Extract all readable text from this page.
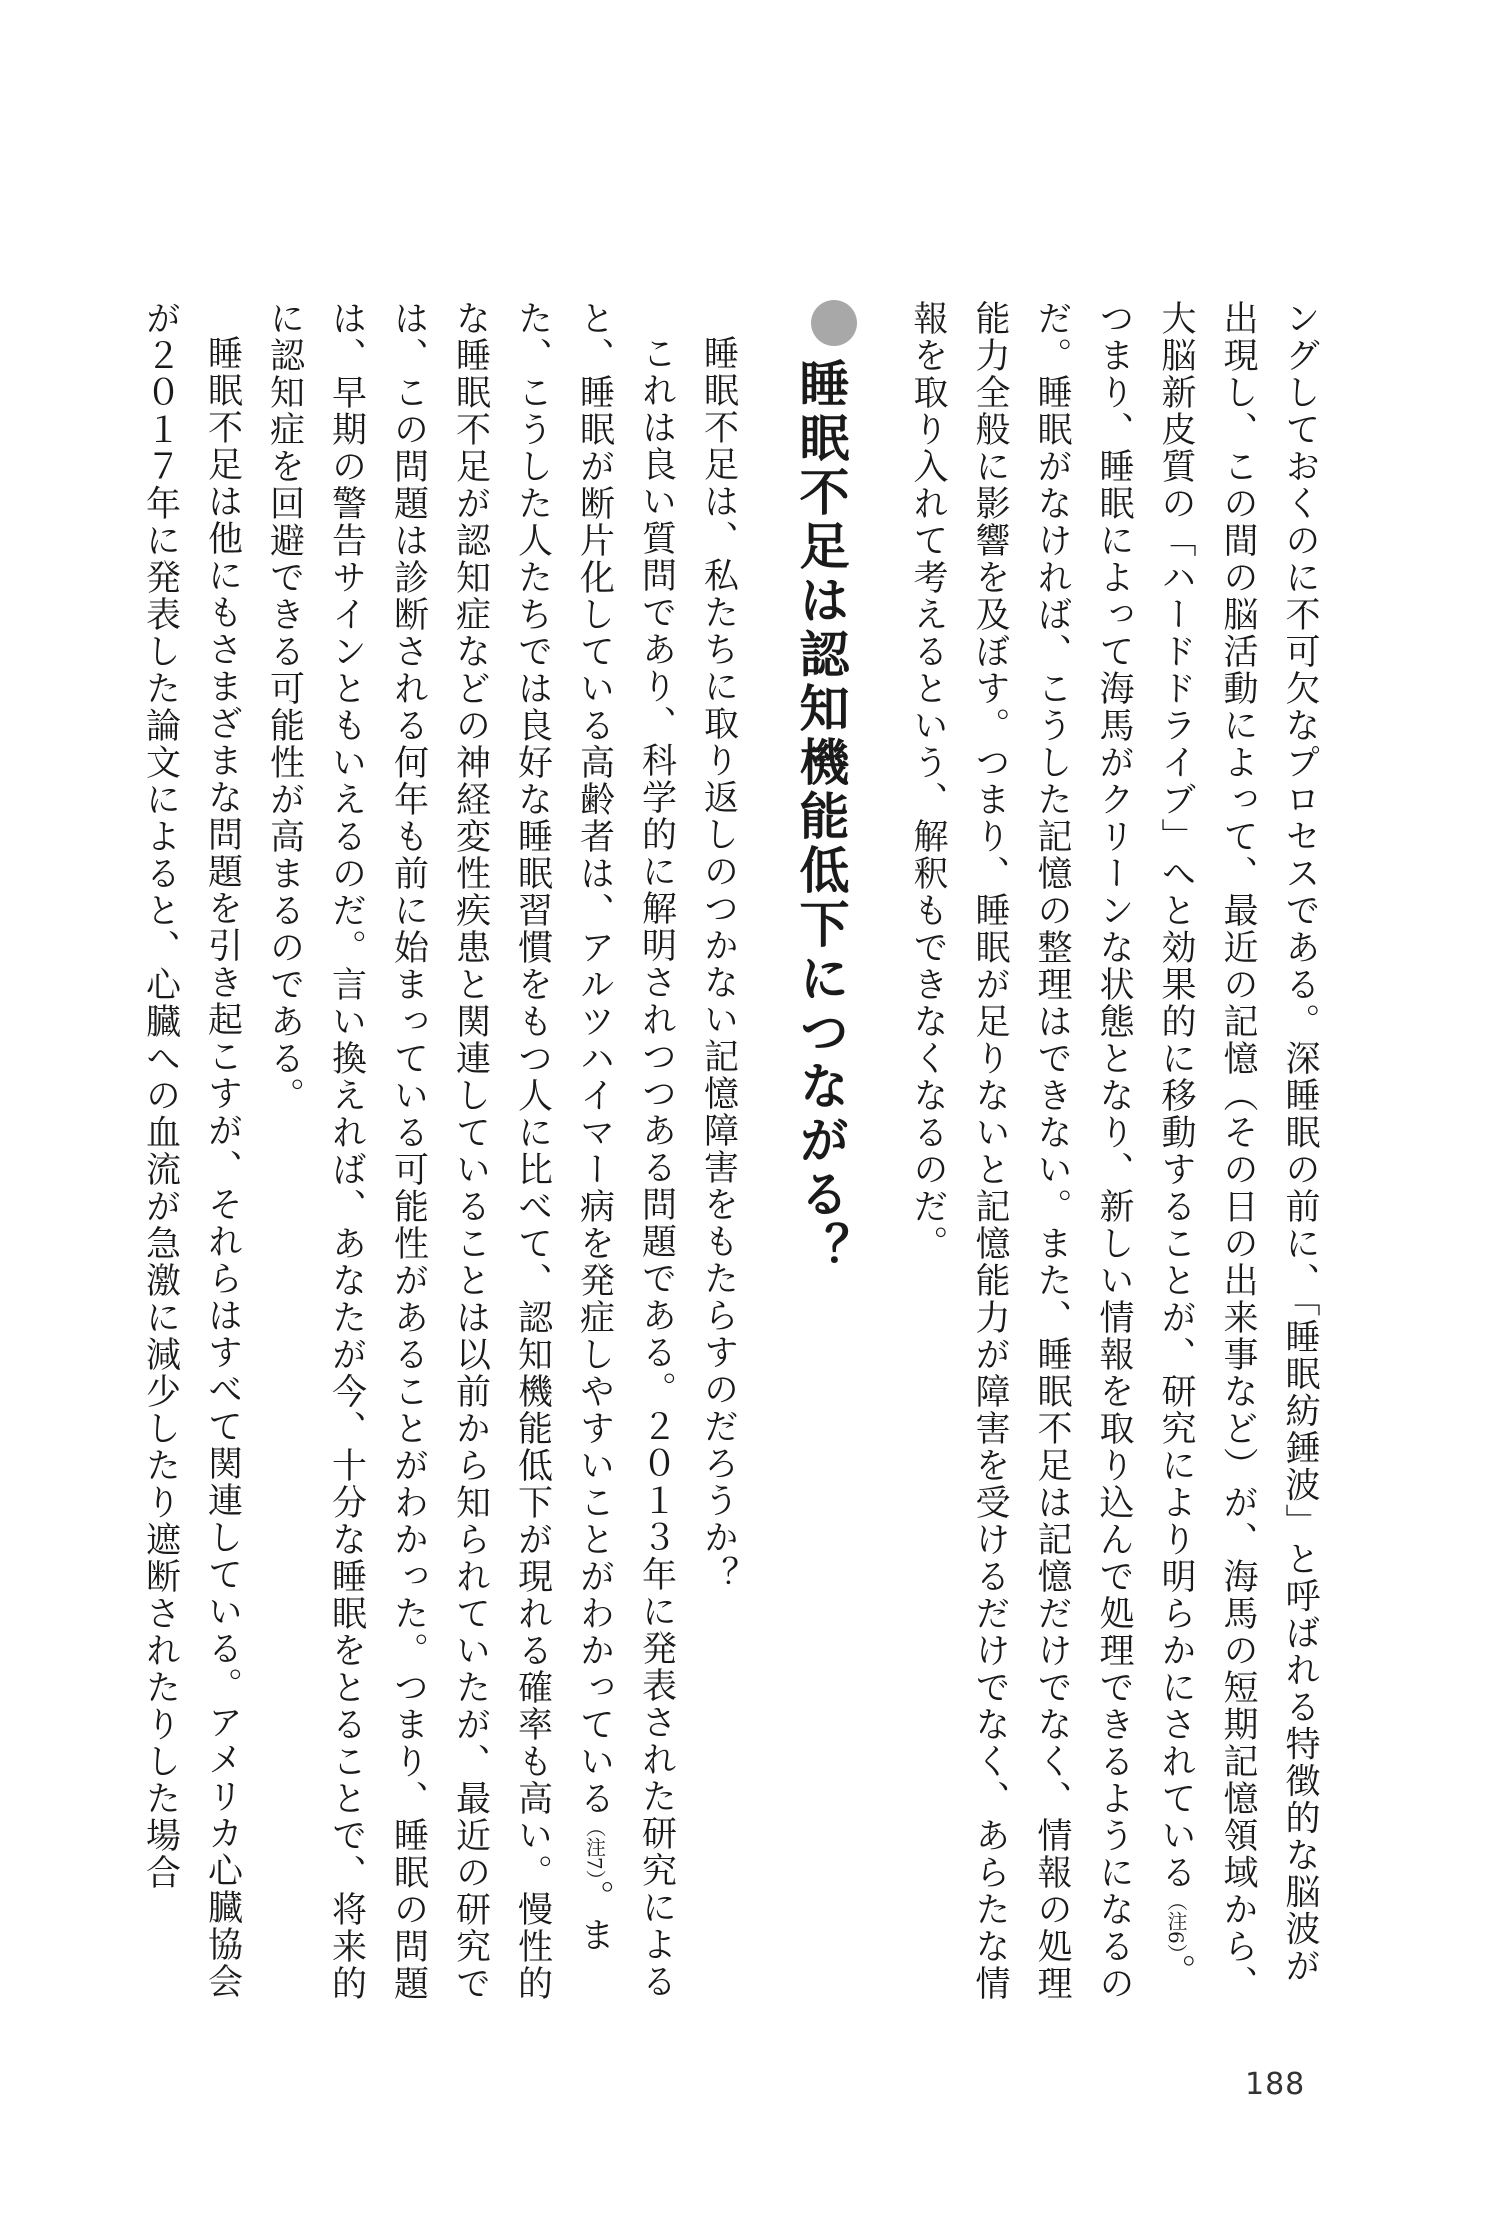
ングしておくのに不可欠なプロセスである。深睡眠の前に、「睡眠紡錘波」と呼ばれる特徴的な脳波が出現し、この間の脳活動によって、最近の記憶（その日の出来事など）が、海馬の短期記憶領域から、大脳新皮質の「ハードドライブ」へと効果的に移動することが、研究により明らかにされている（注6）。つまり、睡眠によって海馬がクリーンな状態となり、新しい情報を取り込んで処理できるようになるのだ。睡眠がなければ、こうした記憶の整理はできない。また、睡眠不足は記憶だけでなく、情報の処理能力全般に影響を及ぼす。つまり、睡眠が足りないと記憶能力が障害を受けるだけでなく、あらたな情報を取り入れて考えるという、解釈もできなくなるのだ。

睡眠不足は認知機能低下につながる？

睡眠不足は、私たちに取り返しのつかない記憶障害をもたらすのだろうか？

これは良い質問であり、科学的に解明されつつある問題である。２０１３年に発表された研究によると、睡眠が断片化している高齢者は、アルツハイマー病を発症しやすいことがわかっている（注7）。また、こうした人たちでは良好な睡眠習慣をもつ人に比べて、認知機能低下が現れる確率も高い。慢性的な睡眠不足が認知症などの神経変性疾患と関連していることは以前から知られていたが、最近の研究では、この問題は診断される何年も前に始まっている可能性があることがわかった。つまり、睡眠の問題は、早期の警告サインともいえるのだ。言い換えれば、あなたが今、十分な睡眠をとることで、将来的に認知症を回避できる可能性が高まるのである。

睡眠不足は他にもさまざまな問題を引き起こすが、それらはすべて関連している。アメリカ心臓協会が２０１７年に発表した論文によると、心臓への血流が急激に減少したり遮断されたりした場合

188
